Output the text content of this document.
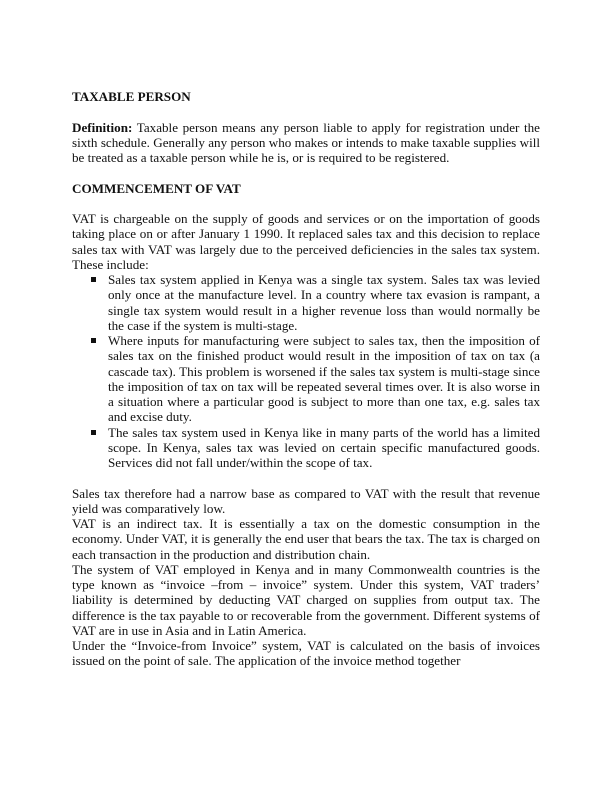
TAXABLE PERSON

Definition: Taxable person means any person liable to apply for registration under the sixth schedule. Generally any person who makes or intends to make taxable supplies will be treated as a taxable person while he is, or is required to be registered.

COMMENCEMENT OF VAT

VAT is chargeable on the supply of goods and services or on the importation of goods taking place on or after January 1 1990. It replaced sales tax and this decision to replace sales tax with VAT was largely due to the perceived deficiencies in the sales tax system. These include:

Sales tax system applied in Kenya was a single tax system. Sales tax was levied only once at the manufacture level. In a country where tax evasion is rampant, a single tax system would result in a higher revenue loss than would normally be the case if the system is multi-stage.
Where inputs for manufacturing were subject to sales tax, then the imposition of sales tax on the finished product would result in the imposition of tax on tax (a cascade tax). This problem is worsened if the sales tax system is multi-stage since the imposition of tax on tax will be repeated several times over. It is also worse in a situation where a particular good is subject to more than one tax, e.g. sales tax and excise duty.
The sales tax system used in Kenya like in many parts of the world has a limited scope. In Kenya, sales tax was levied on certain specific manufactured goods. Services did not fall under/within the scope of tax.

Sales tax therefore had a narrow base as compared to VAT with the result that revenue yield was comparatively low.

VAT is an indirect tax. It is essentially a tax on the domestic consumption in the economy. Under VAT, it is generally the end user that bears the tax. The tax is charged on each transaction in the production and distribution chain.

The system of VAT employed in Kenya and in many Commonwealth countries is the type known as “invoice –from – invoice” system. Under this system, VAT traders’ liability is determined by deducting VAT charged on supplies from output tax. The difference is the tax payable to or recoverable from the government. Different systems of VAT are in use in Asia and in Latin America.

Under the “Invoice-from Invoice” system, VAT is calculated on the basis of invoices issued on the point of sale. The application of the invoice method together
